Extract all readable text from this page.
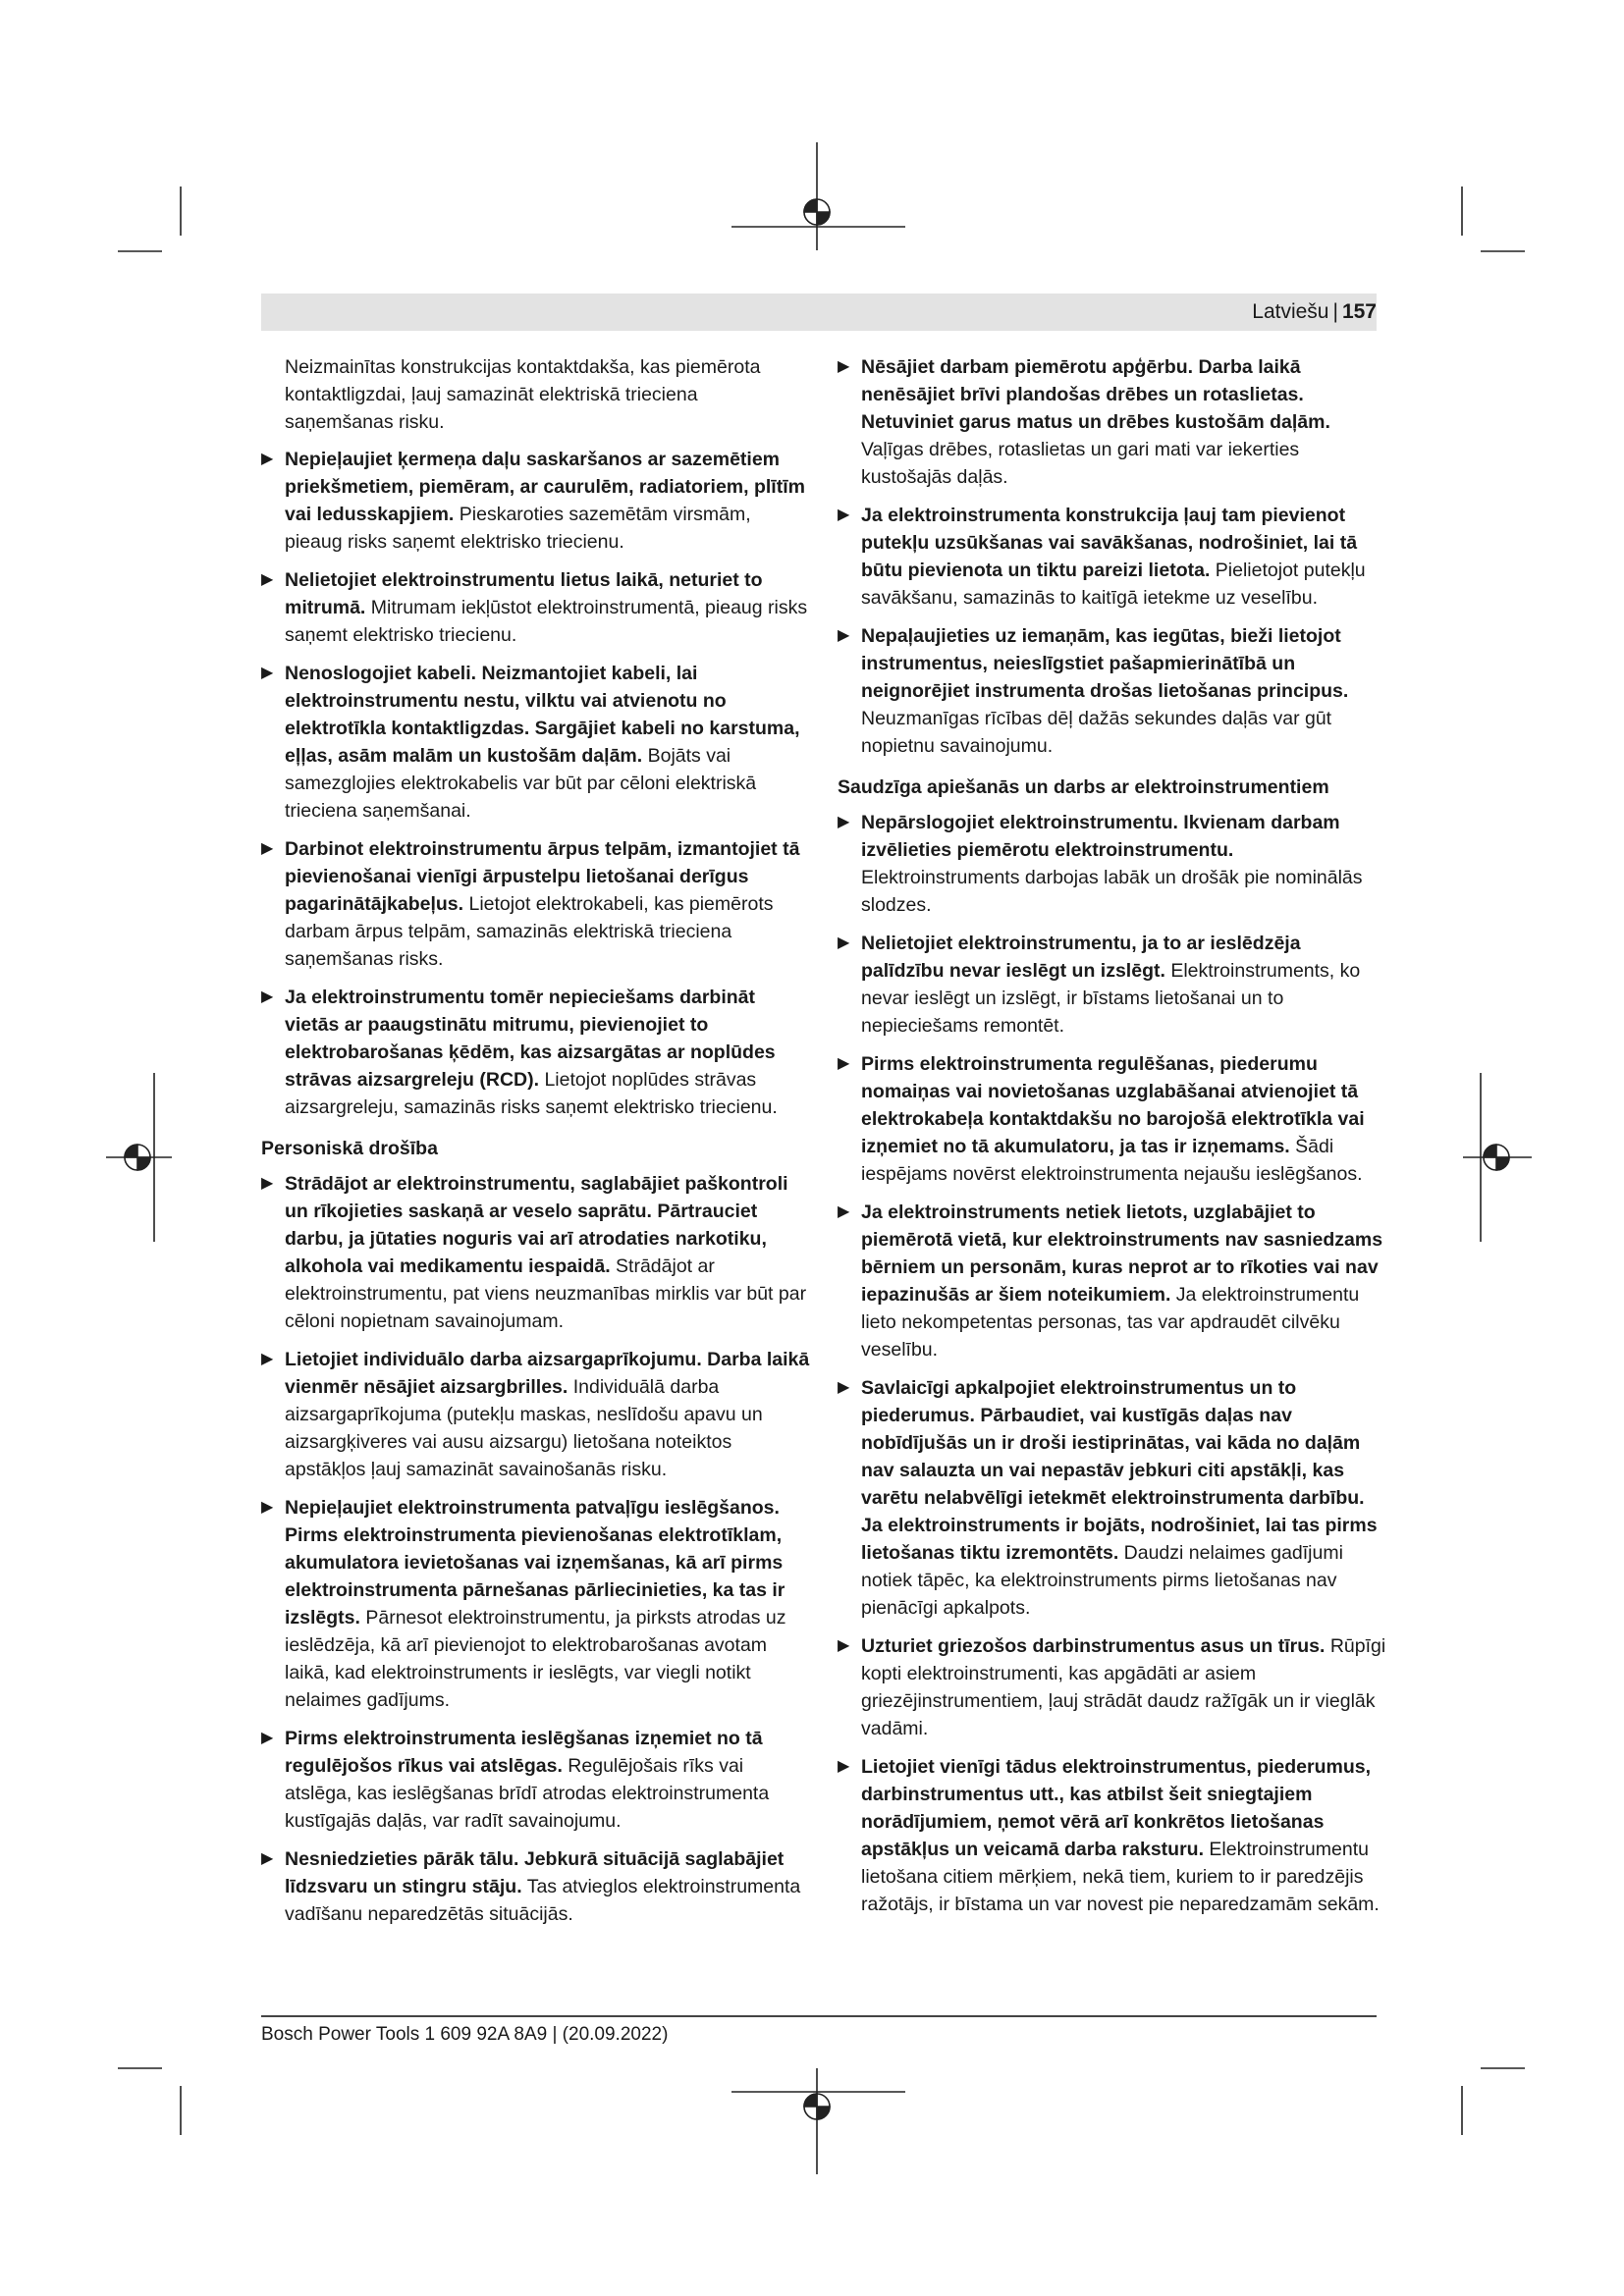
Latviešu | 157

Neizmainītas konstrukcijas kontaktdakša, kas piemērota kontaktligzdai, ļauj samazināt elektriskā trieciena saņemšanas risku.

▶ Nepieļaujiet ķermeņa daļu saskaršanos ar sazemētiem priekšmetiem, piemēram, ar caurulēm, radiatoriem, plītīm vai ledusskapjiem. Pieskaroties sazemētām virsmām, pieaug risks saņemt elektrisko triecienu.
▶ Nelietojiet elektroinstrumentu lietus laikā, neturiet to mitrumā. Mitrumam iekļūstot elektroinstrumentā, pieaug risks saņemt elektrisko triecienu.
▶ Nenoslogojiet kabeli. Neizmantojiet kabeli, lai elektroinstrumentu nestu, vilktu vai atvienotu no elektrotīkla kontaktligzdas. Sargājiet kabeli no karstuma, eļļas, asām malām un kustošām daļām. Bojāts vai samezglojies elektrokabelis var būt par cēloni elektriskā trieciena saņemšanai.
▶ Darbinot elektroinstrumentu ārpus telpām, izmantojiet tā pievienošanai vienīgi ārpustelpu lietošanai derīgus pagarinātājkabeļus. Lietojot elektrokabeli, kas piemērots darbam ārpus telpām, samazinās elektriskā trieciena saņemšanas risks.
▶ Ja elektroinstrumentu tomēr nepieciešams darbināt vietās ar paaugstinātu mitrumu, pievienojiet to elektrobarošanas ķēdēm, kas aizsargātas ar noplūdes strāvas aizsargreleju (RCD). Lietojot noplūdes strāvas aizsargreleju, samazinās risks saņemt elektrisko triecienu.
Personiskā drošība
▶ Strādājot ar elektroinstrumentu, saglabājiet paškontroli un rīkojieties saskaņā ar veselo saprātu. Pārtrauciet darbu, ja jūtaties noguris vai arī atrodaties narkotiku, alkohola vai medikamentu iespaidā. Strādājot ar elektroinstrumentu, pat viens neuzmanības mirklis var būt par cēloni nopietnam savainojumam.
▶ Lietojiet individuālo darba aizsargaprīkojumu. Darba laikā vienmēr nēsājiet aizsargbrilles. Individuālā darba aizsargaprīkojuma (putekļu maskas, neslīdošu apavu un aizsargķiveres vai ausu aizsargu) lietošana noteiktos apstākļos ļauj samazināt savainošanās risku.
▶ Nepieļaujiet elektroinstrumenta patvaļīgu ieslēgšanos. Pirms elektroinstrumenta pievienošanas elektrotīklam, akumulatora ievietošanas vai izņemšanas, kā arī pirms elektroinstrumenta pārnešanas pārliecinieties, ka tas ir izslēgts. Pārnesot elektroinstrumentu, ja pirksts atrodas uz ieslēdzēja, kā arī pievienojot to elektrobarošanas avotam laikā, kad elektroinstruments ir ieslēgts, var viegli notikt nelaimes gadījums.
▶ Pirms elektroinstrumenta ieslēgšanas izņemiet no tā regulējošos rīkus vai atslēgas. Regulējošais rīks vai atslēga, kas ieslēgšanas brīdī atrodas elektroinstrumenta kustīgajās daļās, var radīt savainojumu.
▶ Nesniedzieties pārāk tālu. Jebkurā situācijā saglabājiet līdzsvaru un stingru stāju. Tas atvieglos elektroinstrumenta vadīšanu neparedzētās situācijās.
▶ Nēsājiet darbam piemērotu apģērbu. Darba laikā nenēsājiet brīvi plandošas drēbes un rotaslietas. Netuviniet garus matus un drēbes kustošām daļām. Vaļīgas drēbes, rotaslietas un gari mati var iekerties kustošajās daļās.
▶ Ja elektroinstrumenta konstrukcija ļauj tam pievienot putekļu uzsūkšanas vai savākšanas, nodrošiniet, lai tā būtu pievienota un tiktu pareizi lietota. Pielietojot putekļu savākšanu, samazinās to kaitīgā ietekme uz veselību.
▶ Nepaļaujieties uz iemaņām, kas iegūtas, bieži lietojot instrumentus, neieslīgstiet pašapmierinātībā un neignorējiet instrumenta drošas lietošanas principus. Neuzmanīgas rīcības dēļ dažās sekundes daļās var gūt nopietnu savainojumu.
Saudzīga apiešanās un darbs ar elektroinstrumentiem
▶ Nepārslogojiet elektroinstrumentu. Ikvienam darbam izvēlieties piemērotu elektroinstrumentu. Elektroinstruments darbojas labāk un drošāk pie nominālās slodzes.
▶ Nelietojiet elektroinstrumentu, ja to ar ieslēdzēja palīdzību nevar ieslēgt un izslēgt. Elektroinstruments, ko nevar ieslēgt un izslēgt, ir bīstams lietošanai un to nepieciešams remontēt.
▶ Pirms elektroinstrumenta regulēšanas, piederumu nomaiņas vai novietošanas uzglabāšanai atvienojiet tā elektrokabeļa kontaktdakšu no barojošā elektrotīkla vai izņemiet no tā akumulatoru, ja tas ir izņemams. Šādi iespējams novērst elektroinstrumenta nejaušu ieslēgšanos.
▶ Ja elektroinstruments netiek lietots, uzglabājiet to piemērotā vietā, kur elektroinstruments nav sasniedzams bērniem un personām, kuras neprot ar to rīkoties vai nav iepazinušās ar šiem noteikumiem. Ja elektroinstrumentu lieto nekompetentas personas, tas var apdraudēt cilvēku veselību.
▶ Savlaicīgi apkalpojiet elektroinstrumentus un to piederumus. Pārbaudiet, vai kustīgās daļas nav nobīdījušās un ir droši iestiprinātas, vai kāda no daļām nav salauzta un vai nepastāv jebkuri citi apstākļi, kas varētu nelabvēlīgi ietekmēt elektroinstrumenta darbību. Ja elektroinstruments ir bojāts, nodrošiniet, lai tas pirms lietošanas tiktu izremontēts. Daudzi nelaimes gadījumi notiek tāpēc, ka elektroinstruments pirms lietošanas nav pienācīgi apkalpots.
▶ Uzturiet griezošos darbinstrumentus asus un tīrus. Rūpīgi kopti elektroinstrumenti, kas apgādāti ar asiem griezējinstrumentiem, ļauj strādāt daudz ražīgāk un ir vieglāk vadāmi.
▶ Lietojiet vienīgi tādus elektroinstrumentus, piederumus, darbinstrumentus utt., kas atbilst šeit sniegtajiem norādījumiem, ņemot vērā arī konkrētos lietošanas apstākļus un veicamā darba raksturu. Elektroinstrumentu lietošana citiem mērķiem, nekā tiem, kuriem to ir paredzējis ražotājs, ir bīstama un var novest pie neparedzamām sekām.
Bosch Power Tools 1 609 92A 8A9 | (20.09.2022)
